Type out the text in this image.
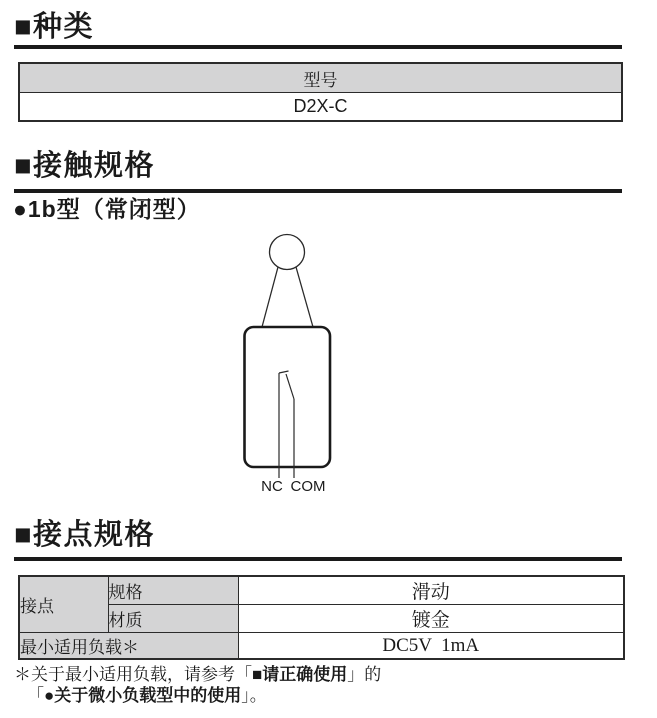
■种类
型号
D2X-C
■接触规格
●1b型（常闭型）
NC COM
■接点规格
接点	规格	滑动
	材质	镀金
最小适用负载＊		DC5V  1mA
＊关于最小适用负载，请参考「■请正确使用」的
「●关于微小负载型中的使用」。
